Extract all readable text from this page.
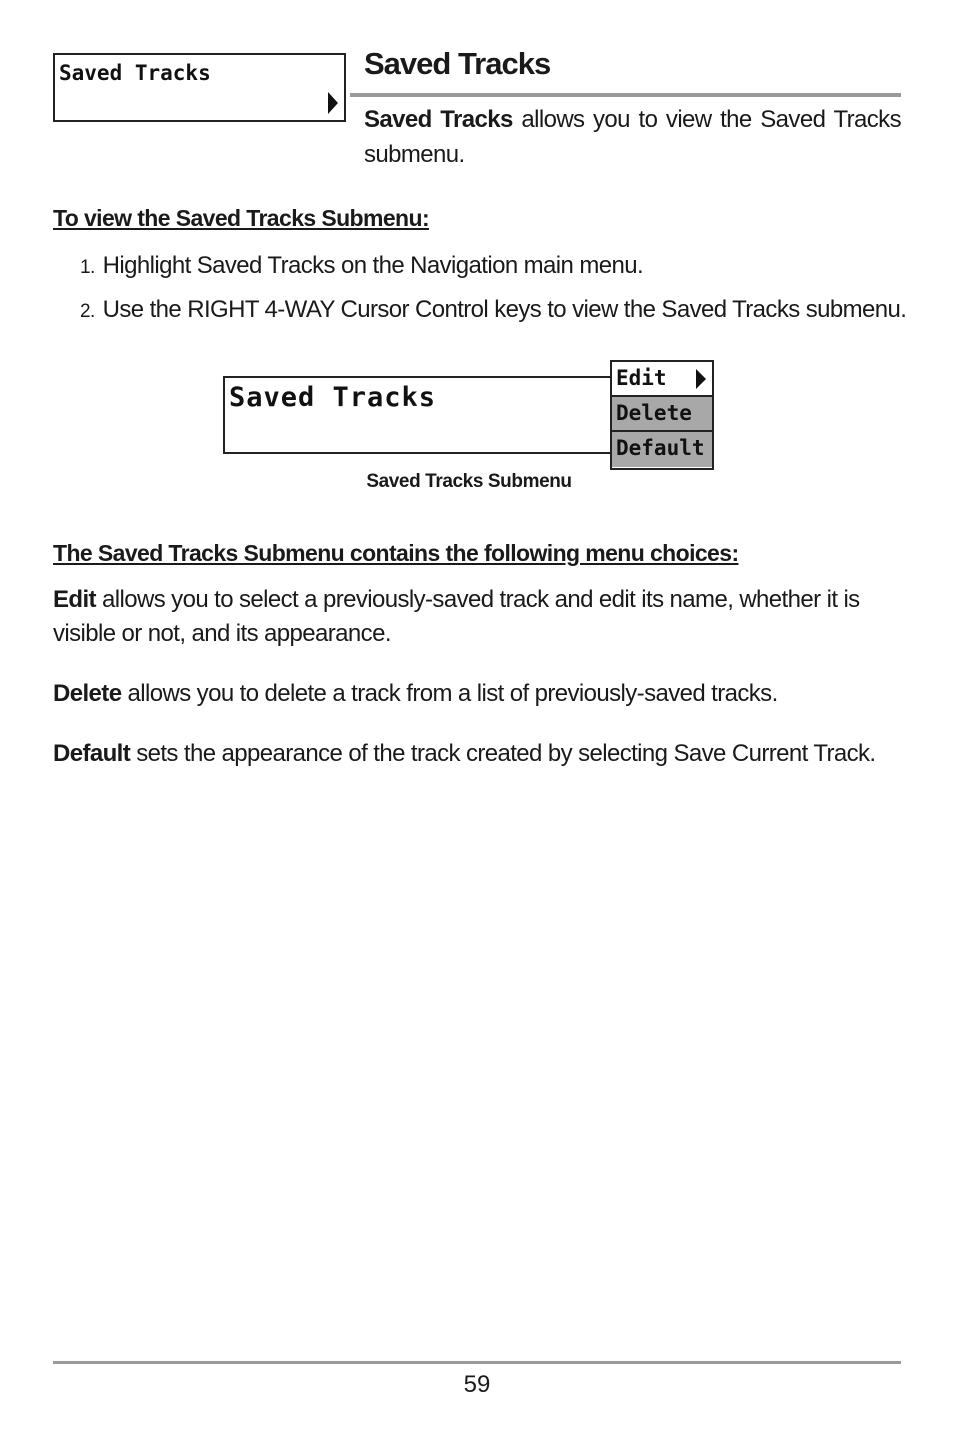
Saved Tracks	Saved Tracks

Saved Tracks allows you to view the Saved Tracks submenu.

To view the Saved Tracks Submenu:
1. Highlight Saved Tracks on the Navigation main menu.
2. Use the RIGHT 4-WAY Cursor Control keys to view the Saved Tracks submenu.
Saved Tracks
Edit
Delete
Default

Saved Tracks Submenu

The Saved Tracks Submenu contains the following menu choices:

Edit allows you to select a previously-saved track and edit its name, whether it is visible or not, and its appearance.

Delete allows you to delete a track from a list of previously-saved tracks.

Default sets the appearance of the track created by selecting Save Current Track.

59
